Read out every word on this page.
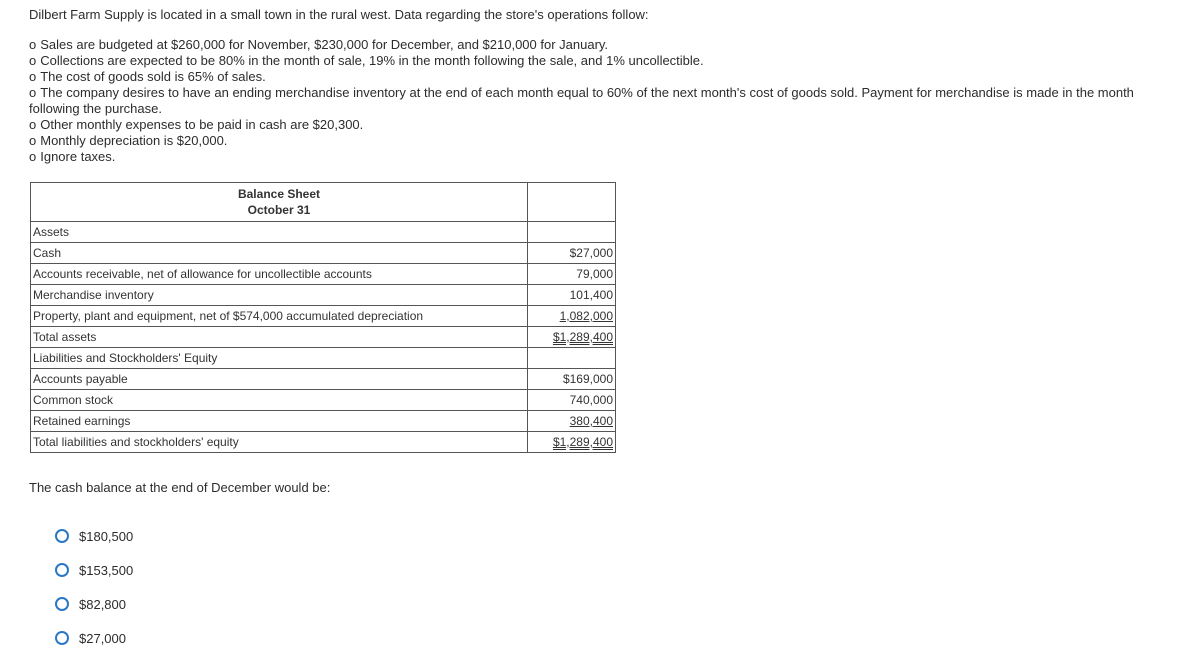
Dilbert Farm Supply is located in a small town in the rural west. Data regarding the store's operations follow:

o Sales are budgeted at $260,000 for November, $230,000 for December, and $210,000 for January.
o Collections are expected to be 80% in the month of sale, 19% in the month following the sale, and 1% uncollectible.
o The cost of goods sold is 65% of sales.
o The company desires to have an ending merchandise inventory at the end of each month equal to 60% of the next month's cost of goods sold. Payment for merchandise is made in the month following the purchase.
o Other monthly expenses to be paid in cash are $20,300.
o Monthly depreciation is $20,000.
o Ignore taxes.
Balance Sheet
October 31	

Assets	
Cash	$27,000
Accounts receivable, net of allowance for uncollectible accounts	79,000
Merchandise inventory	101,400
Property, plant and equipment, net of $574,000 accumulated depreciation	1,082,000
Total assets	$1,289,400
Liabilities and Stockholders' Equity	
Accounts payable	$169,000
Common stock	740,000
Retained earnings	380,400
Total liabilities and stockholders' equity	$1,289,400

The cash balance at the end of December would be:

$180,500
$153,500
$82,800
$27,000
